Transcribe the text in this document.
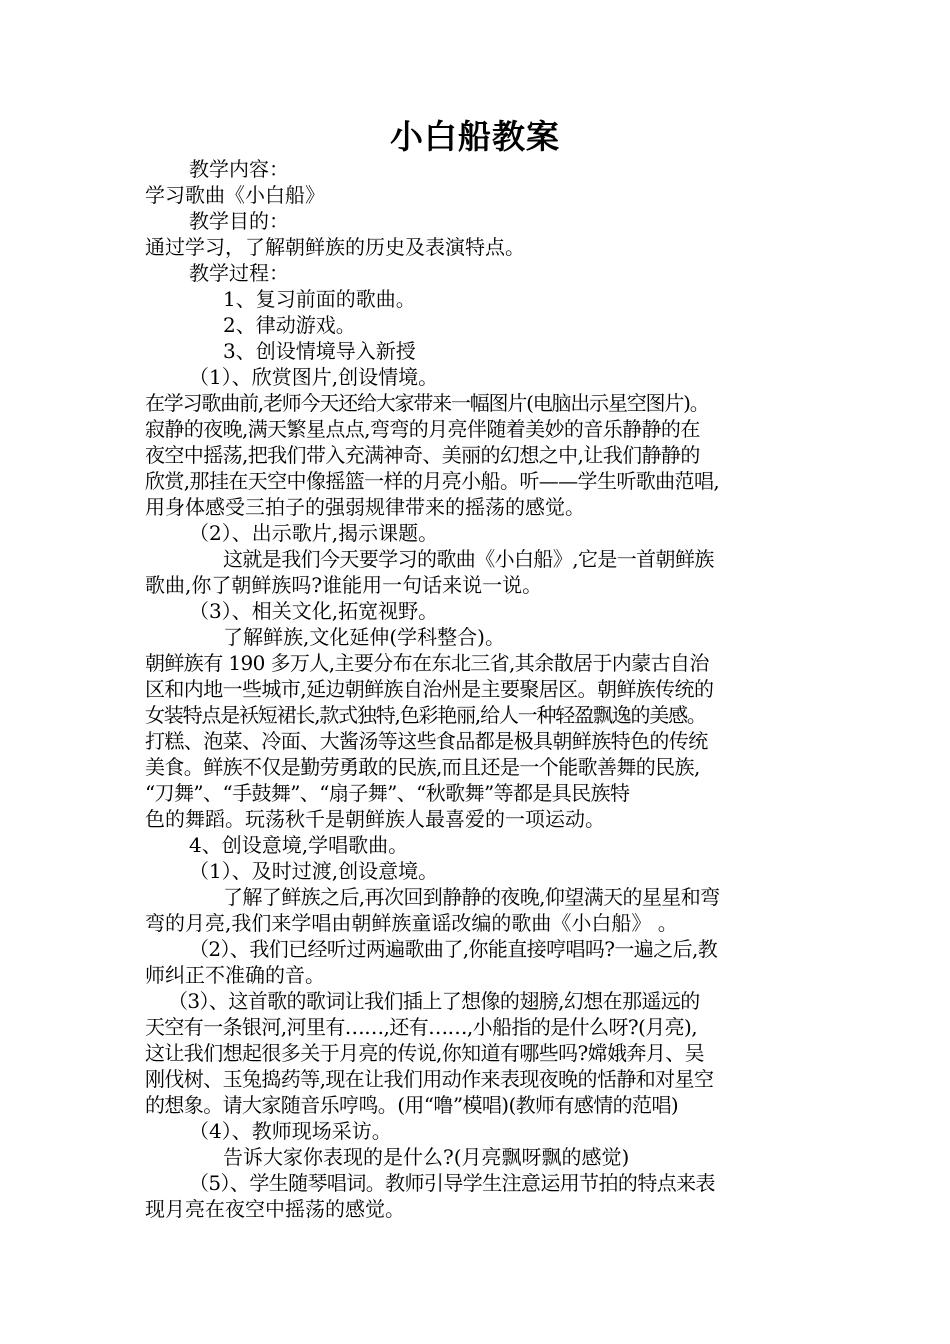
小白船教案
教学内容：
学习歌曲《小白船》
教学目的：
通过学习，了解朝鲜族的历史及表演特点。
教学过程：
1、复习前面的歌曲。
2、律动游戏。
3、创设情境导入新授
（1）、欣赏图片,创设情境。
在学习歌曲前,老师今天还给大家带来一幅图片(电脑出示星空图片)。
寂静的夜晚,满天繁星点点,弯弯的月亮伴随着美妙的音乐静静的在
夜空中摇荡,把我们带入充满神奇、美丽的幻想之中,让我们静静的
欣赏,那挂在天空中像摇篮一样的月亮小船。听——学生听歌曲范唱,
用身体感受三拍子的强弱规律带来的摇荡的感觉。
（2）、出示歌片,揭示课题。
这就是我们今天要学习的歌曲《小白船》,它是一首朝鲜族
歌曲,你了朝鲜族吗?谁能用一句话来说一说。
（3）、相关文化,拓宽视野。
了解鲜族,文化延伸(学科整合)。
朝鲜族有 190 多万人,主要分布在东北三省,其余散居于内蒙古自治
区和内地一些城市,延边朝鲜族自治州是主要聚居区。朝鲜族传统的
女装特点是袄短裙长,款式独特,色彩艳丽,给人一种轻盈飘逸的美感。
打糕、泡菜、冷面、大酱汤等这些食品都是极具朝鲜族特色的传统
美食。鲜族不仅是勤劳勇敢的民族,而且还是一个能歌善舞的民族,
“刀舞”、“手鼓舞”、“扇子舞”、“秋歌舞”等都是具民族特
色的舞蹈。玩荡秋千是朝鲜族人最喜爱的一项运动。
4、创设意境,学唱歌曲。
（1）、及时过渡,创设意境。
了解了鲜族之后,再次回到静静的夜晚,仰望满天的星星和弯
弯的月亮,我们来学唱由朝鲜族童谣改编的歌曲《小白船》 。
（2）、我们已经听过两遍歌曲了,你能直接哼唱吗?一遍之后,教
师纠正不准确的音。
（3）、这首歌的歌词让我们插上了想像的翅膀,幻想在那遥远的
天空有一条银河,河里有……,还有……,小船指的是什么呀?(月亮),
这让我们想起很多关于月亮的传说,你知道有哪些吗?嫦娥奔月、吴
刚伐树、玉兔捣药等,现在让我们用动作来表现夜晚的恬静和对星空
的想象。请大家随音乐哼鸣。(用“噜”模唱)(教师有感情的范唱)
（4）、教师现场采访。
告诉大家你表现的是什么?(月亮飘呀飘的感觉)
（5）、学生随琴唱词。教师引导学生注意运用节拍的特点来表
现月亮在夜空中摇荡的感觉。
